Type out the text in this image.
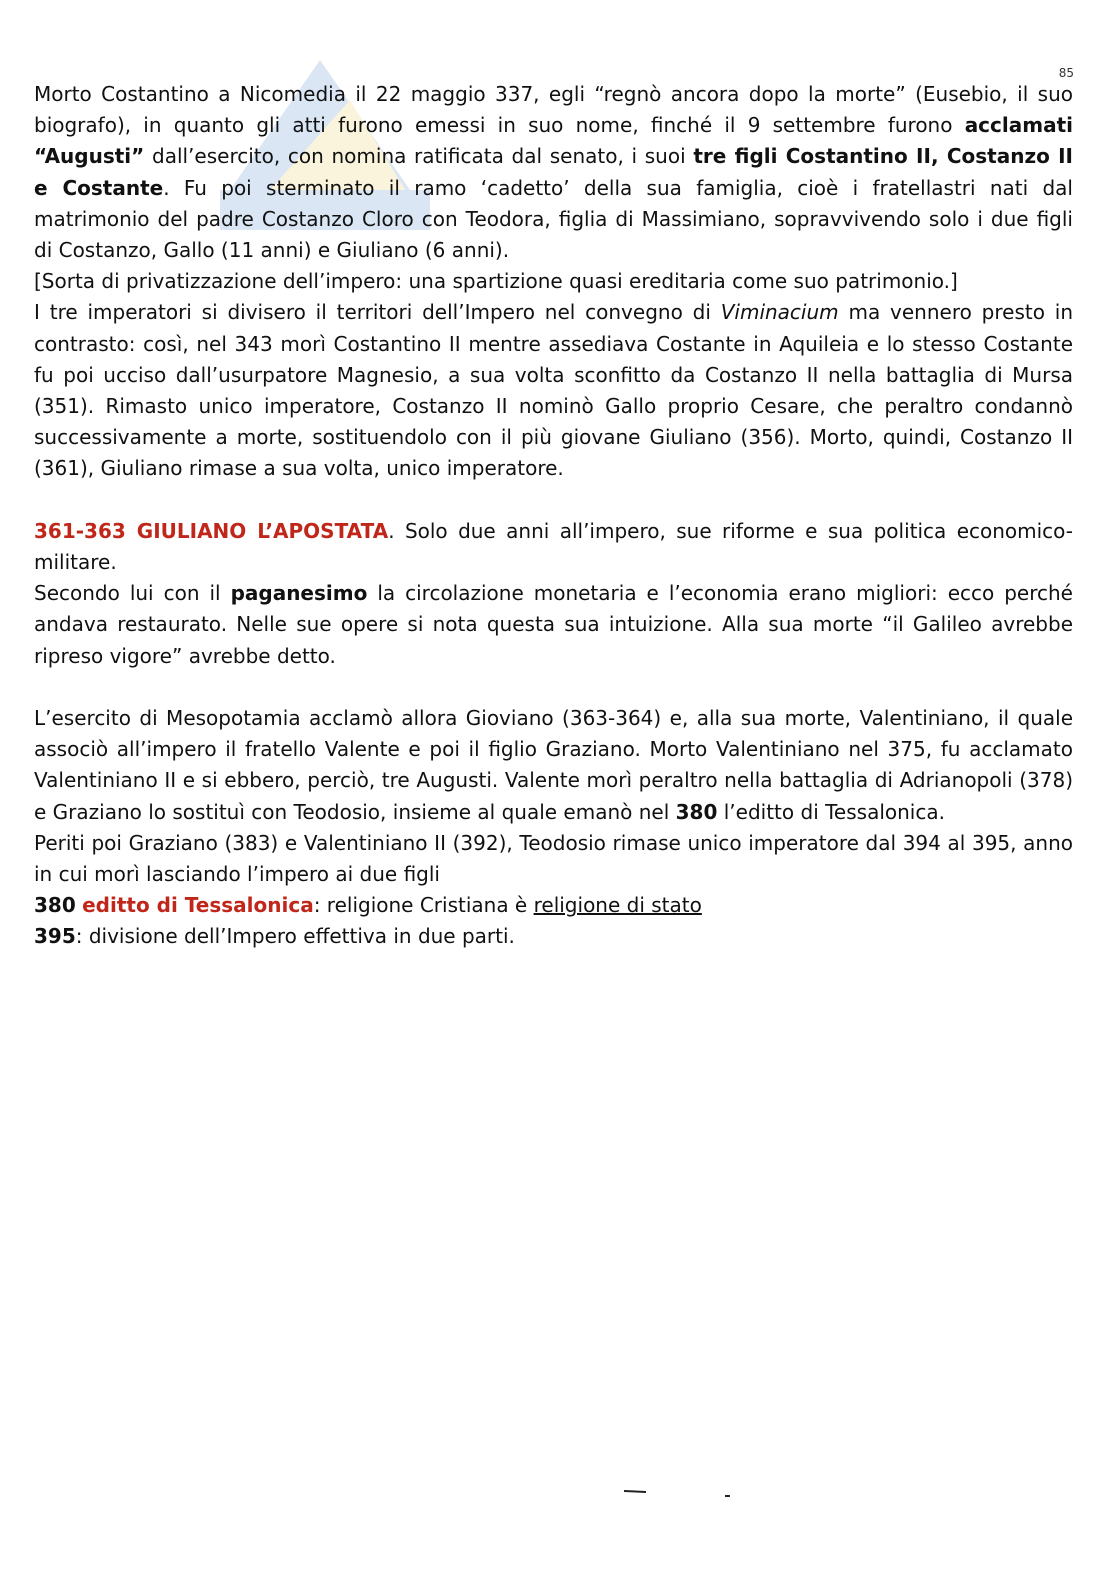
85

Morto Costantino a Nicomedia il 22 maggio 337, egli “regnò ancora dopo la morte” (Eusebio, il suo biografo), in quanto gli atti furono emessi in suo nome, finché il 9 settembre furono acclamati “Augusti” dall’esercito, con nomina ratificata dal senato, i suoi tre figli Costantino II, Costanzo II e Costante. Fu poi sterminato il ramo ‘cadetto’ della sua famiglia, cioè i fratellastri nati dal matrimonio del padre Costanzo Cloro con Teodora, figlia di Massimiano, sopravvivendo solo i due figli di Costanzo, Gallo (11 anni) e Giuliano (6 anni).

[Sorta di privatizzazione dell’impero: una spartizione quasi ereditaria come suo patrimonio.]

I tre imperatori si divisero il territori dell’Impero nel convegno di Viminacium ma vennero presto in contrasto: così, nel 343 morì Costantino II mentre assediava Costante in Aquileia e lo stesso Costante fu poi ucciso dall’usurpatore Magnesio, a sua volta sconfitto da Costanzo II nella battaglia di Mursa (351). Rimasto unico imperatore, Costanzo II nominò Gallo proprio Cesare, che peraltro condannò successivamente a morte, sostituendolo con il più giovane Giuliano (356). Morto, quindi, Costanzo II (361), Giuliano rimase a sua volta, unico imperatore.

361-363 GIULIANO L’APOSTATA. Solo due anni all’impero, sue riforme e sua politica economico-militare.

Secondo lui con il paganesimo la circolazione monetaria e l’economia erano migliori: ecco perché andava restaurato. Nelle sue opere si nota questa sua intuizione. Alla sua morte “il Galileo avrebbe ripreso vigore” avrebbe detto.

L’esercito di Mesopotamia acclamò allora Gioviano (363-364) e, alla sua morte, Valentiniano, il quale associò all’impero il fratello Valente e poi il figlio Graziano. Morto Valentiniano nel 375, fu acclamato Valentiniano II e si ebbero, perciò, tre Augusti. Valente morì peraltro nella battaglia di Adrianopoli (378) e Graziano lo sostituì con Teodosio, insieme al quale emanò nel 380 l’editto di Tessalonica.

Periti poi Graziano (383) e Valentiniano II (392), Teodosio rimase unico imperatore dal 394 al 395, anno in cui morì lasciando l’impero ai due figli

380 editto di Tessalonica: religione Cristiana è religione di stato

395: divisione dell’Impero effettiva in due parti.
